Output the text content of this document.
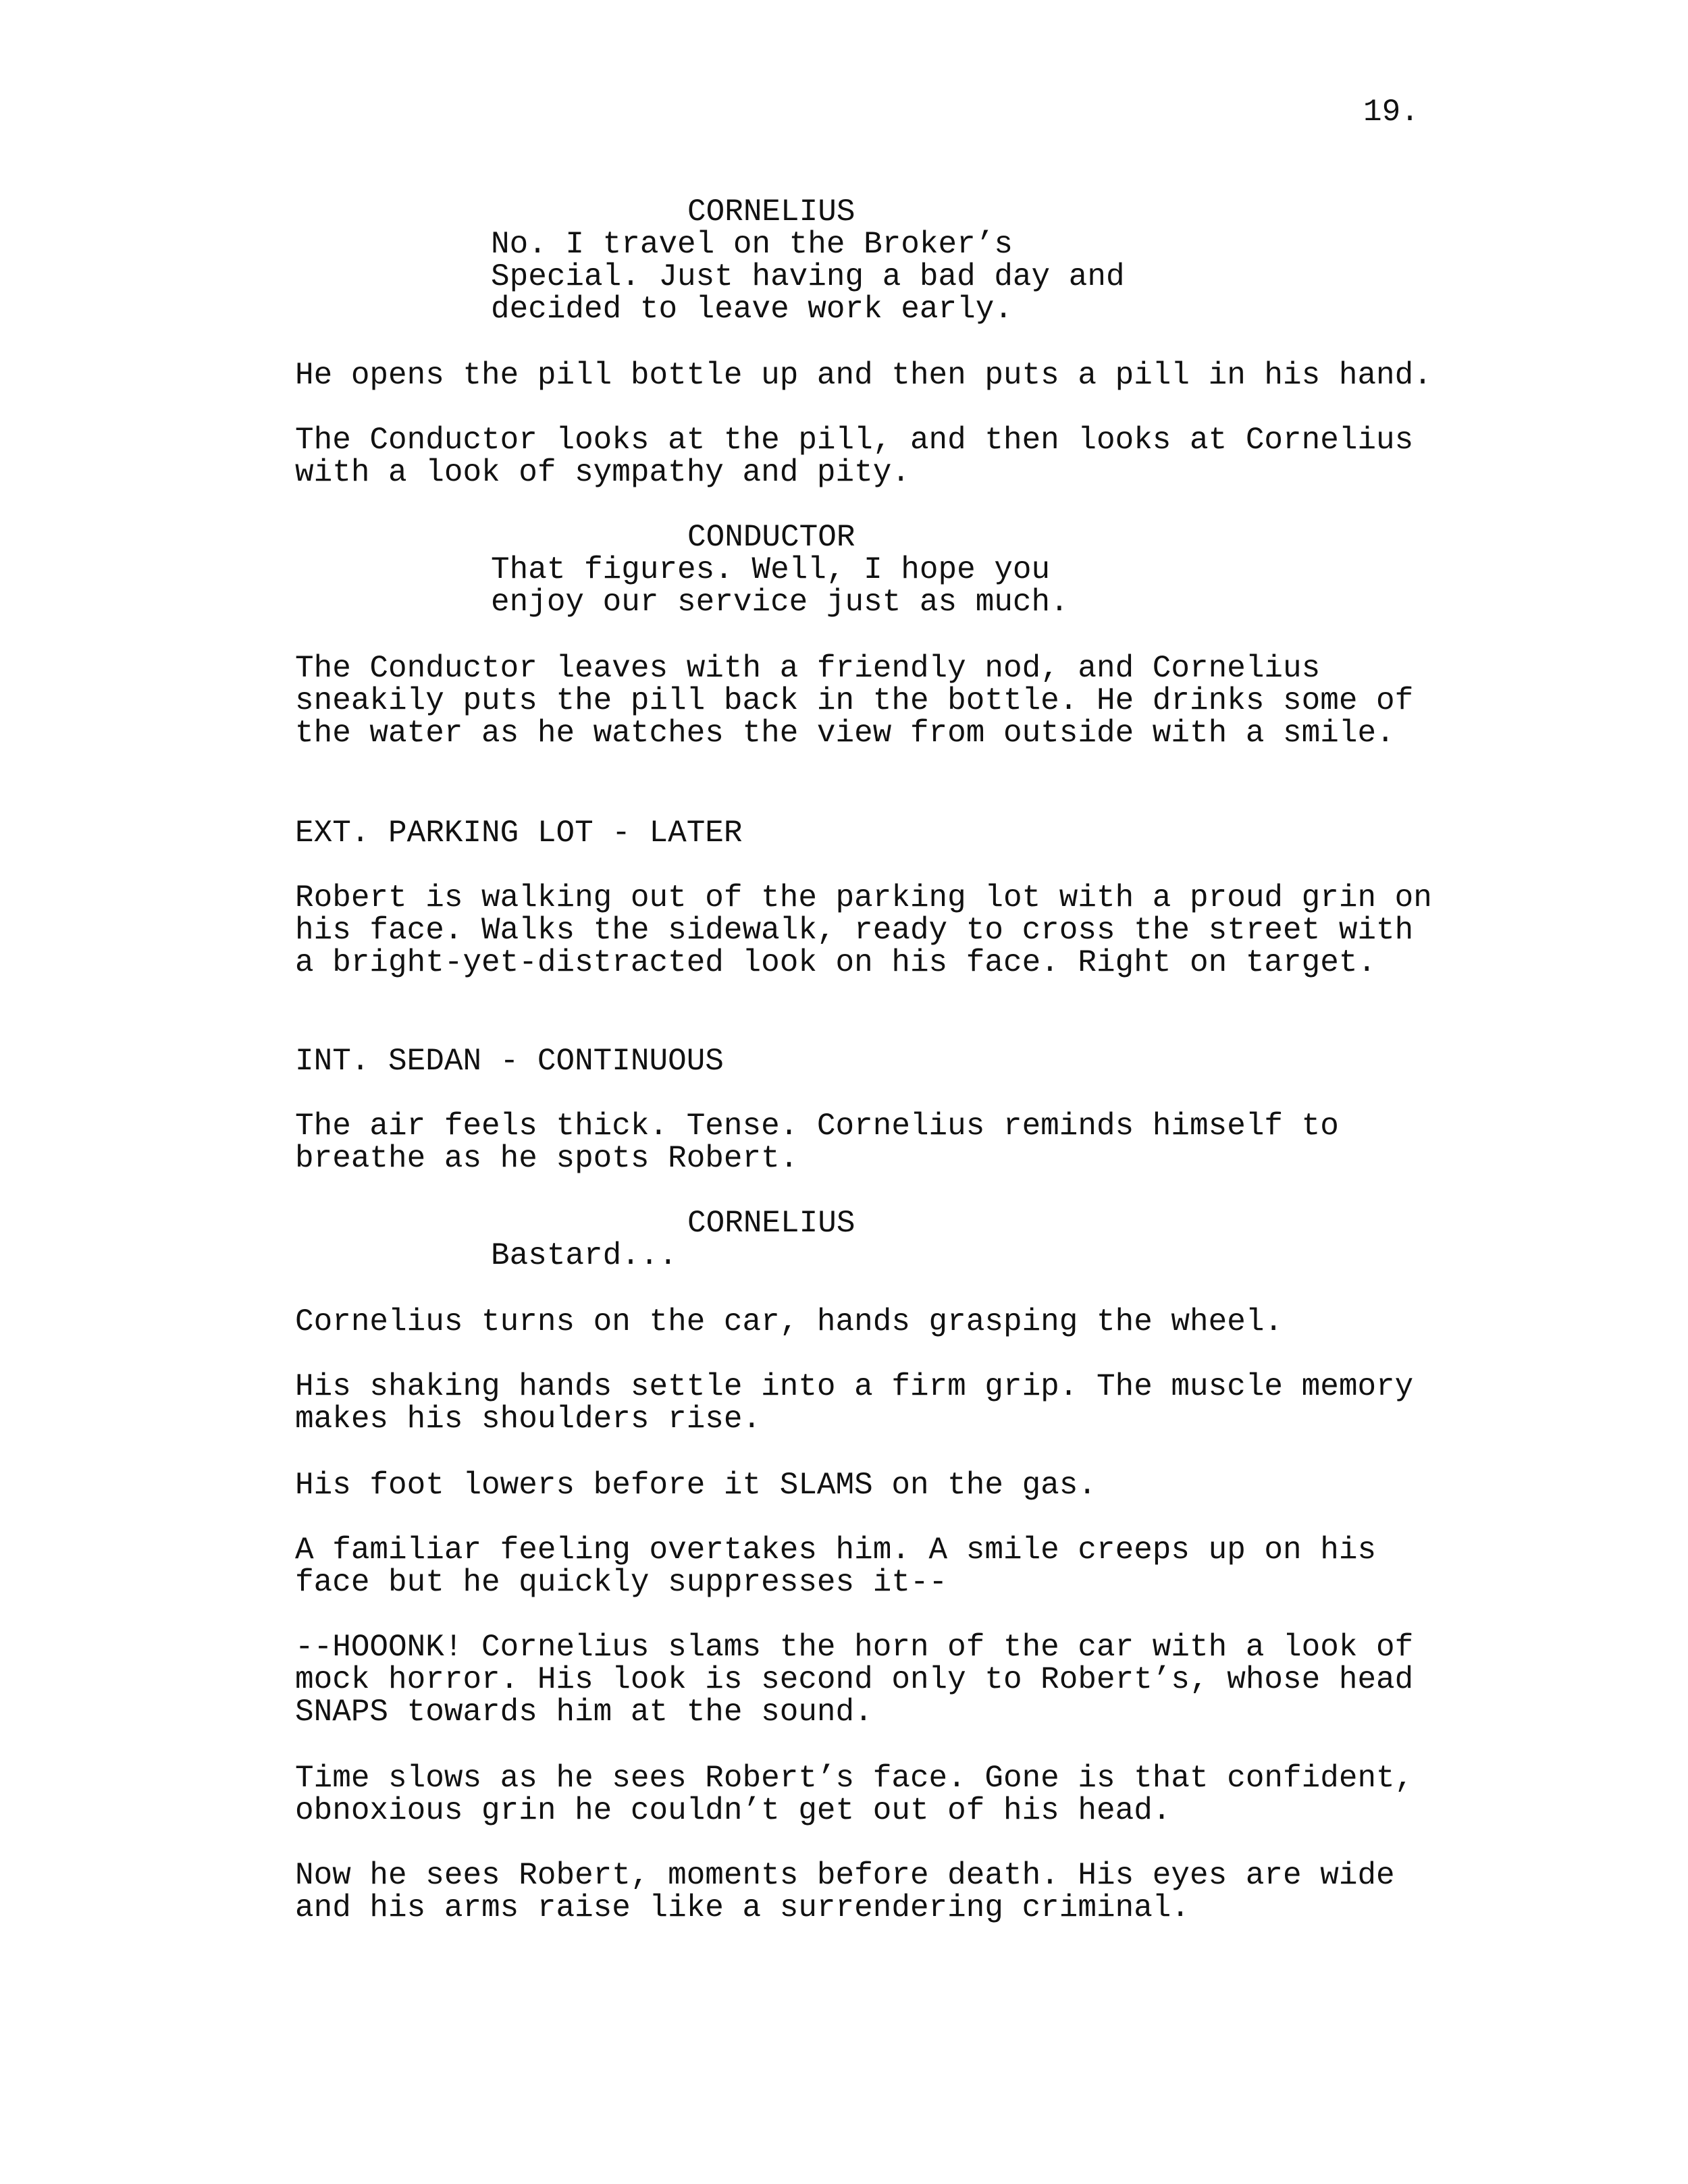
19.
CORNELIUS
No. I travel on the Broker’s
Special. Just having a bad day and
decided to leave work early.
He opens the pill bottle up and then puts a pill in his hand.
The Conductor looks at the pill, and then looks at Cornelius
with a look of sympathy and pity.
CONDUCTOR
That figures. Well, I hope you
enjoy our service just as much.
The Conductor leaves with a friendly nod, and Cornelius
sneakily puts the pill back in the bottle. He drinks some of
the water as he watches the view from outside with a smile.
EXT. PARKING LOT - LATER
Robert is walking out of the parking lot with a proud grin on
his face. Walks the sidewalk, ready to cross the street with
a bright-yet-distracted look on his face. Right on target.
INT. SEDAN - CONTINUOUS
The air feels thick. Tense. Cornelius reminds himself to
breathe as he spots Robert.
CORNELIUS
Bastard...
Cornelius turns on the car, hands grasping the wheel.
His shaking hands settle into a firm grip. The muscle memory
makes his shoulders rise.
His foot lowers before it SLAMS on the gas.
A familiar feeling overtakes him. A smile creeps up on his
face but he quickly suppresses it--
--HOOONK! Cornelius slams the horn of the car with a look of
mock horror. His look is second only to Robert’s, whose head
SNAPS towards him at the sound.
Time slows as he sees Robert’s face. Gone is that confident,
obnoxious grin he couldn’t get out of his head.
Now he sees Robert, moments before death. His eyes are wide
and his arms raise like a surrendering criminal.
